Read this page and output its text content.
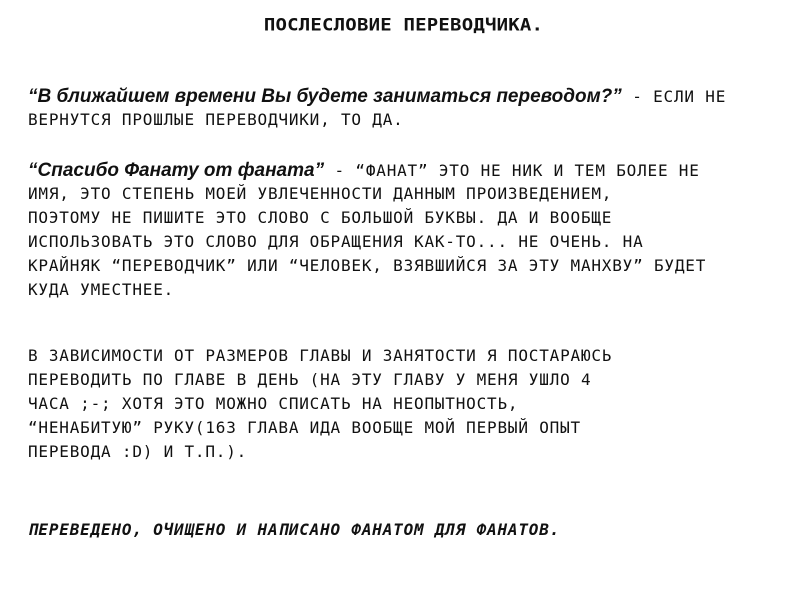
ПОСЛЕСЛОВИЕ ПЕРЕВОДЧИКА.
“В ближайшем времени Вы будете заниматься переводом?” - ЕСЛИ НЕ
ВЕРНУТСЯ ПРОШЛЫЕ ПЕРЕВОДЧИКИ, ТО ДА.
“Спасибо Фанату от фаната” - “ФАНАТ” ЭТО НЕ НИК И ТЕМ БОЛЕЕ НЕ
ИМЯ, ЭТО СТЕПЕНЬ МОЕЙ УВЛЕЧЕННОСТИ ДАННЫМ ПРОИЗВЕДЕНИЕМ,
ПОЭТОМУ НЕ ПИШИТЕ ЭТО СЛОВО С БОЛЬШОЙ БУКВЫ. ДА И ВООБЩЕ
ИСПОЛЬЗОВАТЬ ЭТО СЛОВО ДЛЯ ОБРАЩЕНИЯ КАК-ТО... НЕ ОЧЕНЬ. НА
КРАЙНЯК “ПЕРЕВОДЧИК” ИЛИ “ЧЕЛОВЕК, ВЗЯВШИЙСЯ ЗА ЭТУ МАНХВУ” БУДЕТ
КУДА УМЕСТНЕЕ.
В ЗАВИСИМОСТИ ОТ РАЗМЕРОВ ГЛАВЫ И ЗАНЯТОСТИ Я ПОСТАРАЮСЬ
ПЕРЕВОДИТЬ ПО ГЛАВЕ В ДЕНЬ (НА ЭТУ ГЛАВУ У МЕНЯ УШЛО 4
ЧАСА ;-; ХОТЯ ЭТО МОЖНО СПИСАТЬ НА НЕОПЫТНОСТЬ,
“НЕНАБИТУЮ” РУКУ(163 ГЛАВА ИДА ВООБЩЕ МОЙ ПЕРВЫЙ ОПЫТ
ПЕРЕВОДА :D) И Т.П.).
ПЕРЕВЕДЕНО, ОЧИЩЕНО И НАПИСАНО ФАНАТОМ ДЛЯ ФАНАТОВ.
